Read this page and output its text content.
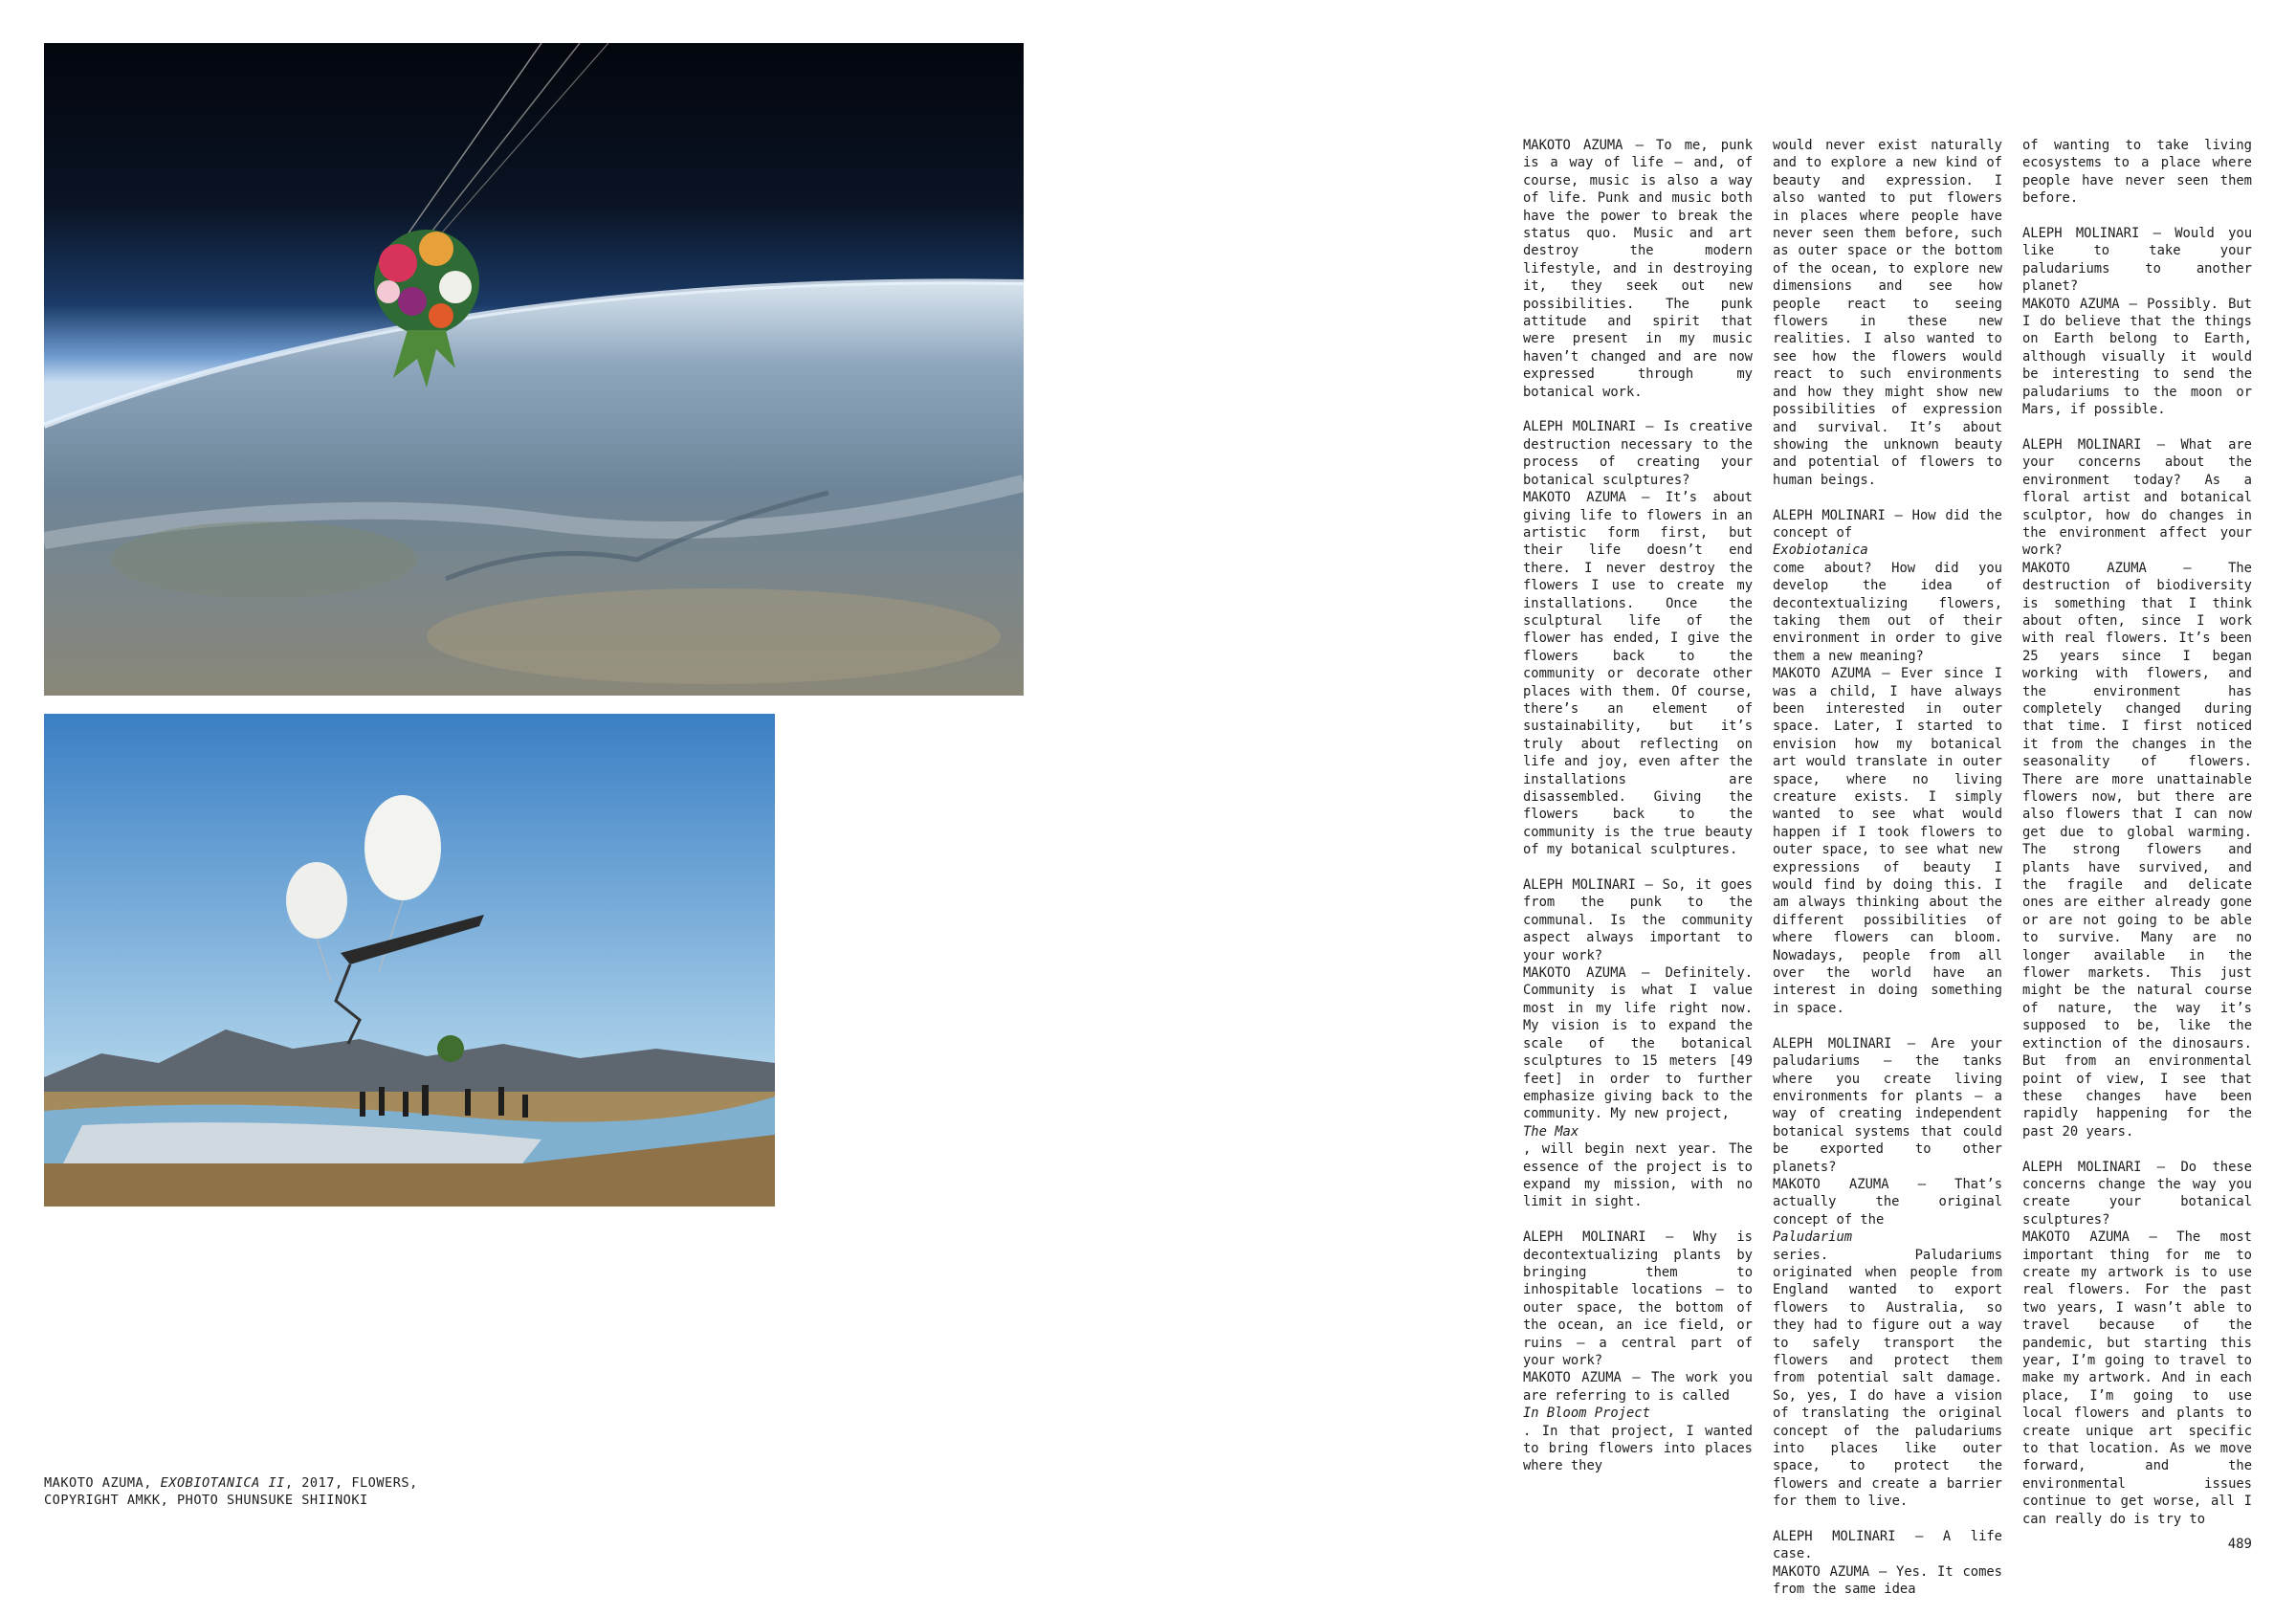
MAKOTO AZUMA, EXOBIOTANICA II, 2017, FLOWERS,
COPYRIGHT AMKK, PHOTO SHUNSUKE SHIINOKI

MAKOTO AZUMA — To me, punk is a way of life — and, of course, music is also a way of life. Punk and music both have the power to break the status quo. Music and art destroy the modern lifestyle, and in destroying it, they seek out new possibilities. The punk attitude and spirit that were present in my music haven’t changed and are now expressed through my botanical work.

ALEPH MOLINARI — Is creative destruction necessary to the process of creating your botanical sculptures?
MAKOTO AZUMA — It’s about giving life to flowers in an artistic form first, but their life doesn’t end there. I never destroy the flowers I use to create my installations. Once the sculptural life of the flower has ended, I give the flowers back to the community or decorate other places with them. Of course, there’s an element of sustainability, but it’s truly about reflecting on life and joy, even after the installations are disassembled. Giving the flowers back to the community is the true beauty of my botanical sculptures.

ALEPH MOLINARI — So, it goes from the punk to the communal. Is the community aspect always important to your work?
MAKOTO AZUMA — Definitely. Community is what I value most in my life right now. My vision is to expand the scale of the botanical sculptures to 15 meters [49 feet] in order to further emphasize giving back to the community. My new project,
The Max
, will begin next year. The essence of the project is to expand my mission, with no limit in sight.

ALEPH MOLINARI — Why is decontextualizing plants by bringing them to inhospitable locations — to outer space, the bottom of the ocean, an ice field, or ruins — a central part of your work?
MAKOTO AZUMA — The work you are referring to is called
In Bloom Project
. In that project, I wanted to bring flowers into places where they

would never exist naturally and to explore a new kind of beauty and expression. I also wanted to put flowers in places where people have never seen them before, such as outer space or the bottom of the ocean, to explore new dimensions and see how people react to seeing flowers in these new realities. I also wanted to see how the flowers would react to such environments and how they might show new possibilities of expression and survival. It’s about showing the unknown beauty and potential of flowers to human beings.

ALEPH MOLINARI — How did the concept of
Exobiotanica
come about? How did you develop the idea of decontextualizing flowers, taking them out of their environment in order to give them a new meaning?
MAKOTO AZUMA — Ever since I was a child, I have always been interested in outer space. Later, I started to envision how my botanical art would translate in outer space, where no living creature exists. I simply wanted to see what would happen if I took flowers to outer space, to see what new expressions of beauty I would find by doing this. I am always thinking about the different possibilities of where flowers can bloom. Nowadays, people from all over the world have an interest in doing something in space.

ALEPH MOLINARI — Are your paludariums — the tanks where you create living environments for plants — a way of creating independent botanical systems that could be exported to other planets?
MAKOTO AZUMA — That’s actually the original concept of the
Paludarium
series. Paludariums originated when people from England wanted to export flowers to Australia, so they had to figure out a way to safely transport the flowers and protect them from potential salt damage. So, yes, I do have a vision of translating the original concept of the paludariums into places like outer space, to protect the flowers and create a barrier for them to live.

ALEPH MOLINARI — A life case.
MAKOTO AZUMA — Yes. It comes from the same idea

of wanting to take living ecosystems to a place where people have never seen them before.

ALEPH MOLINARI — Would you like to take your paludariums to another planet?
MAKOTO AZUMA — Possibly. But I do believe that the things on Earth belong to Earth, although visually it would be interesting to send the paludariums to the moon or Mars, if possible.

ALEPH MOLINARI — What are your concerns about the environment today? As a floral artist and botanical sculptor, how do changes in the environment affect your work?
MAKOTO AZUMA — The destruction of biodiversity is something that I think about often, since I work with real flowers. It’s been 25 years since I began working with flowers, and the environment has completely changed during that time. I first noticed it from the changes in the seasonality of flowers. There are more unattainable flowers now, but there are also flowers that I can now get due to global warming. The strong flowers and plants have survived, and the fragile and delicate ones are either already gone or are not going to be able to survive. Many are no longer available in the flower markets. This just might be the natural course of nature, the way it’s supposed to be, like the extinction of the dinosaurs. But from an environmental point of view, I see that these changes have been rapidly happening for the past 20 years.

ALEPH MOLINARI — Do these concerns change the way you create your botanical sculptures?
MAKOTO AZUMA — The most important thing for me to create my artwork is to use real flowers. For the past two years, I wasn’t able to travel because of the pandemic, but starting this year, I’m going to travel to make my artwork. And in each place, I’m going to use local flowers and plants to create unique art specific to that location. As we move forward, and the environmental issues continue to get worse, all I can really do is try to

489
